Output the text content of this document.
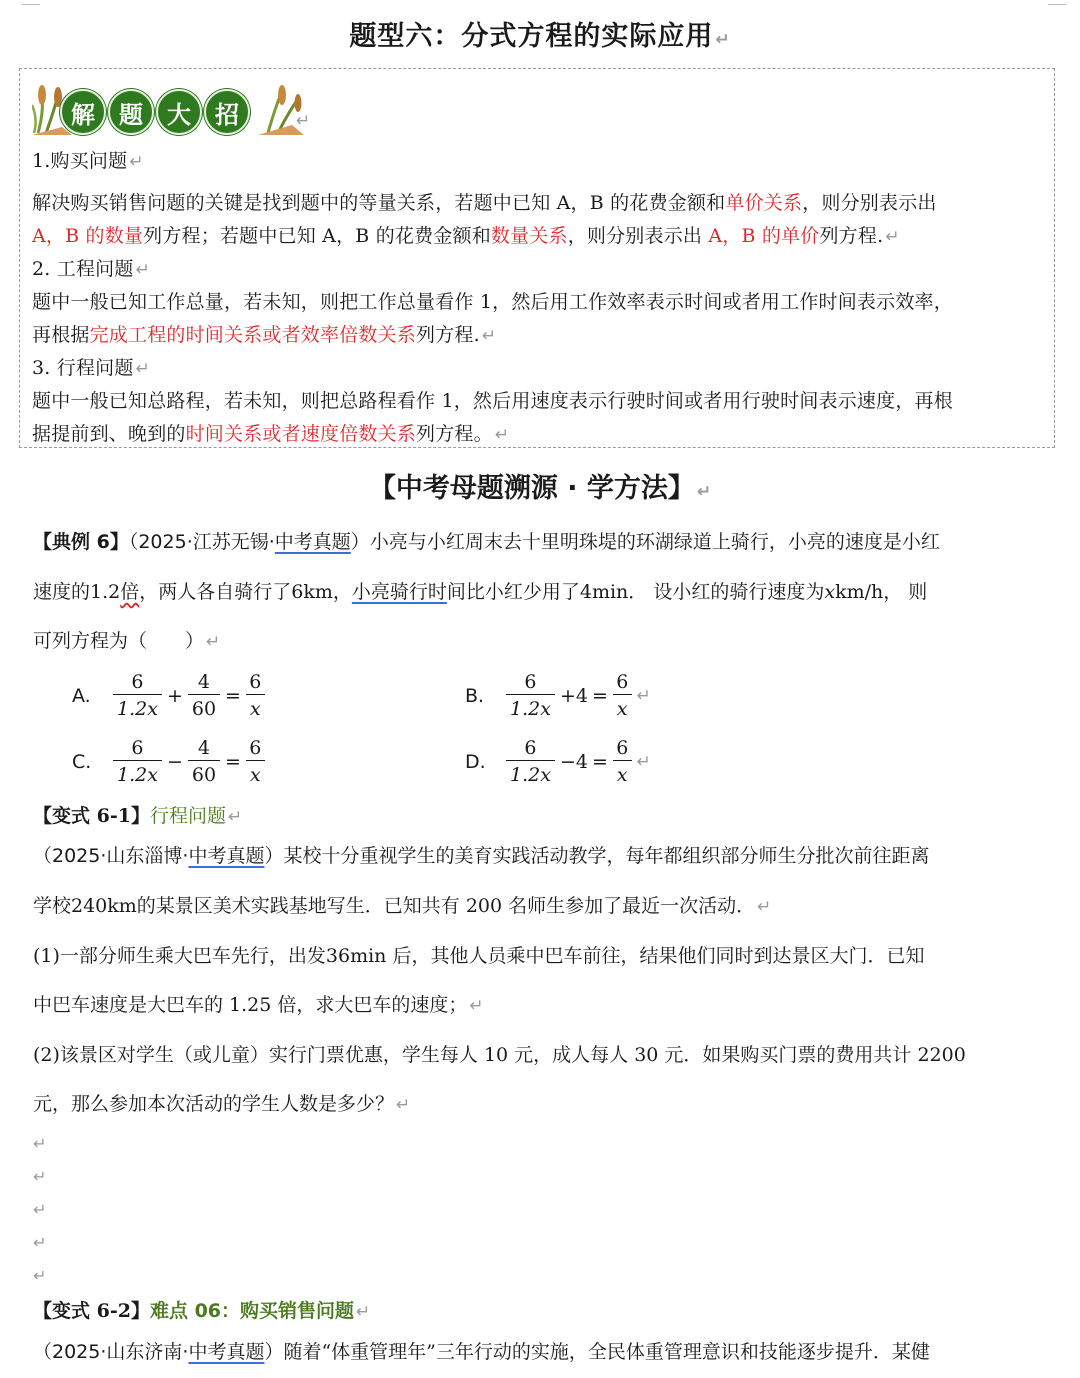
题型六：分式方程的实际应用 ↵
解	题	大	招	↵
1.购买问题 ↵
解决购买销售问题的关键是找到题中的等量关系，若题中已知 A，B 的花费金额和单价关系，则分别表示出
A，B 的数量列方程；若题中已知 A，B 的花费金额和数量关系，则分别表示出 A，B 的单价列方程. ↵
2. 工程问题 ↵
题中一般已知工作总量，若未知，则把工作总量看作 1，然后用工作效率表示时间或者用工作时间表示效率，
再根据完成工程的时间关系或者效率倍数关系列方程. ↵
3. 行程问题 ↵
题中一般已知总路程，若未知，则把总路程看作 1，然后用速度表示行驶时间或者用行驶时间表示速度，再根
据提前到、晚到的时间关系或者速度倍数关系列方程。 ↵
【中考母题溯源 · 学方法】 ↵
【典例 6】（2025·江苏无锡·中考真题）小亮与小红周末去十里明珠堤的环湖绿道上骑行，小亮的速度是小红
速度的1.2倍，两人各自骑行了6km，小亮骑行时间比小红少用了4min． 设小红的骑行速度为xkm/h， 则
可列方程为（　　） ↵
A.	$\frac{6}{1.2x} + \frac{4}{60} = \frac{6}{x}$	B.	$\frac{6}{1.2x} +4 = \frac{6}{x}$ ↵
C.	$\frac{6}{1.2x} - \frac{4}{60} = \frac{6}{x}$	D.	$\frac{6}{1.2x} -4 = \frac{6}{x}$ ↵
【变式 6-1】行程问题 ↵
（2025·山东淄博·中考真题）某校十分重视学生的美育实践活动教学，每年都组织部分师生分批次前往距离
学校240km的某景区美术实践基地写生．已知共有 200 名师生参加了最近一次活动． ↵
(1)一部分师生乘大巴车先行，出发36min 后，其他人员乘中巴车前往，结果他们同时到达景区大门．已知
中巴车速度是大巴车的 1.25 倍，求大巴车的速度； ↵
(2)该景区对学生（或儿童）实行门票优惠，学生每人 10 元，成人每人 30 元．如果购买门票的费用共计 2200
元，那么参加本次活动的学生人数是多少？ ↵
↵
↵
↵
↵
↵
【变式 6-2】难点 06：购买销售问题 ↵
（2025·山东济南·中考真题）随着“体重管理年”三年行动的实施，全民体重管理意识和技能逐步提升．某健
